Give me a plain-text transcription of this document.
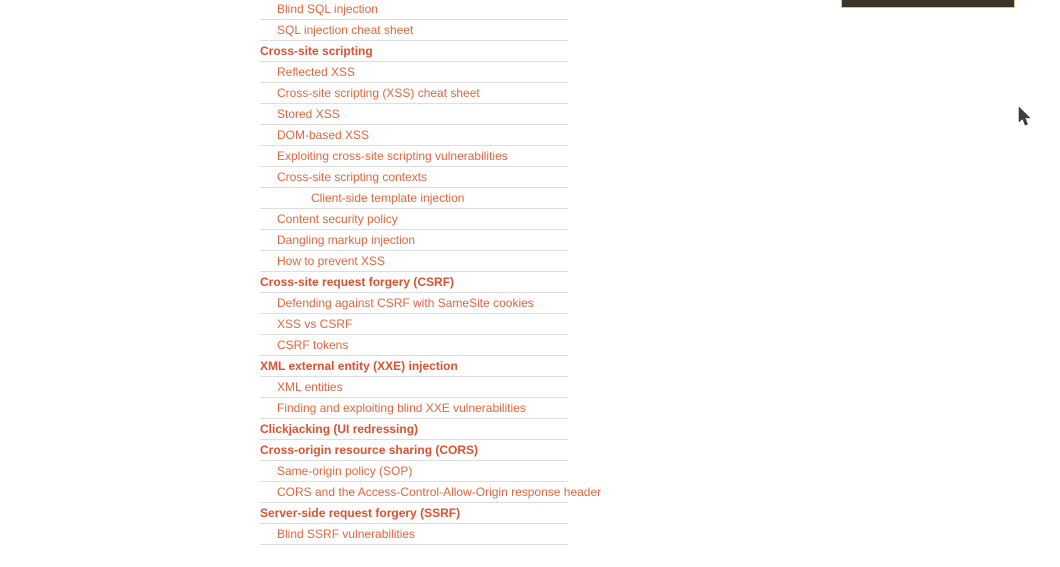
Blind SQL injection
SQL injection cheat sheet
Cross-site scripting
Reflected XSS
Cross-site scripting (XSS) cheat sheet
Stored XSS
DOM-based XSS
Exploiting cross-site scripting vulnerabilities
Cross-site scripting contexts
Client-side template injection
Content security policy
Dangling markup injection
How to prevent XSS
Cross-site request forgery (CSRF)
Defending against CSRF with SameSite cookies
XSS vs CSRF
CSRF tokens
XML external entity (XXE) injection
XML entities
Finding and exploiting blind XXE vulnerabilities
Clickjacking (UI redressing)
Cross-origin resource sharing (CORS)
Same-origin policy (SOP)
CORS and the Access-Control-Allow-Origin response header
Server-side request forgery (SSRF)
Blind SSRF vulnerabilities
